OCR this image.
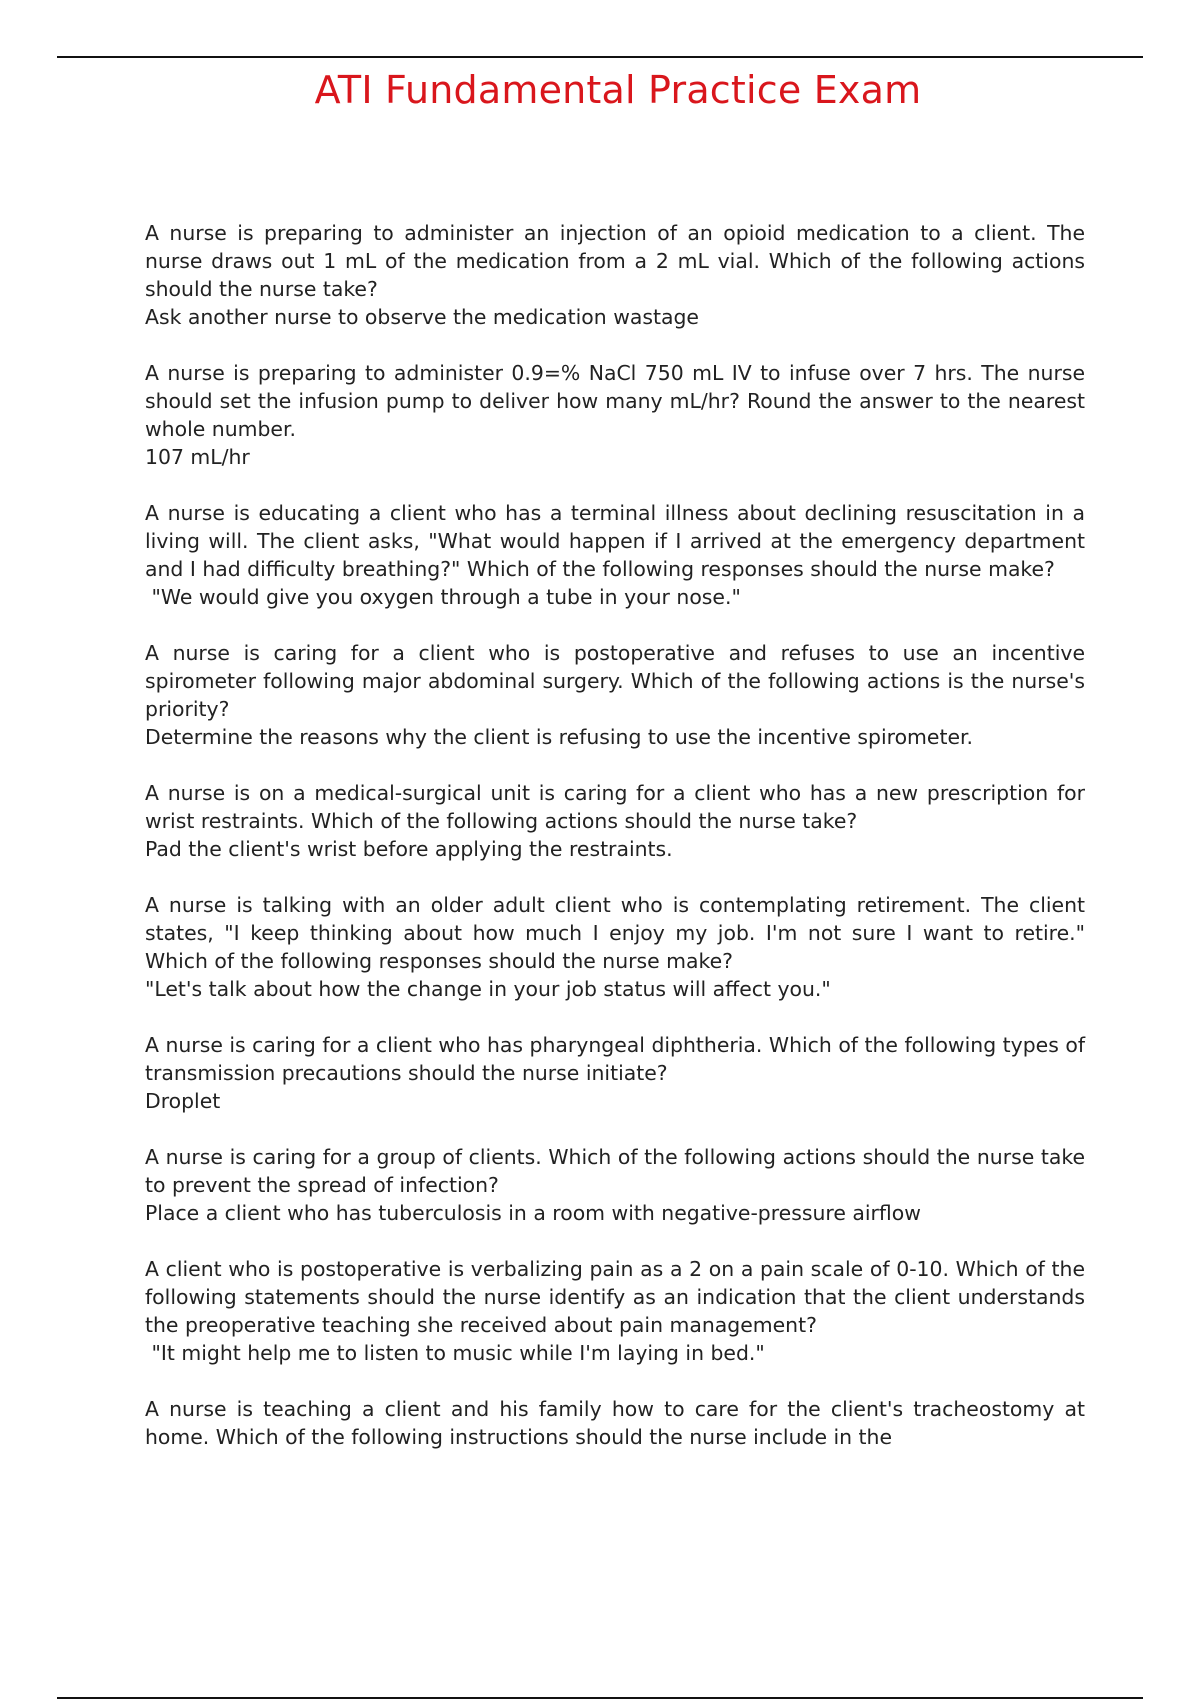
ATI Fundamental Practice Exam

A nurse is preparing to administer an injection of an opioid medication to a client. The nurse draws out 1 mL of the medication from a 2 mL vial. Which of the following actions should the nurse take?

Ask another nurse to observe the medication wastage

A nurse is preparing to administer 0.9=% NaCl 750 mL IV to infuse over 7 hrs. The nurse should set the infusion pump to deliver how many mL/hr? Round the answer to the nearest whole number.

107 mL/hr

A nurse is educating a client who has a terminal illness about declining resuscitation in a living will. The client asks, "What would happen if I arrived at the emergency department and I had difficulty breathing?" Which of the following responses should the nurse make?

"We would give you oxygen through a tube in your nose."

A nurse is caring for a client who is postoperative and refuses to use an incentive spirometer following major abdominal surgery. Which of the following actions is the nurse's priority?

Determine the reasons why the client is refusing to use the incentive spirometer.

A nurse is on a medical-surgical unit is caring for a client who has a new prescription for wrist restraints. Which of the following actions should the nurse take?

Pad the client's wrist before applying the restraints.

A nurse is talking with an older adult client who is contemplating retirement. The client states, "I keep thinking about how much I enjoy my job. I'm not sure I want to retire." Which of the following responses should the nurse make?

"Let's talk about how the change in your job status will affect you."

A nurse is caring for a client who has pharyngeal diphtheria. Which of the following types of transmission precautions should the nurse initiate?

Droplet

A nurse is caring for a group of clients. Which of the following actions should the nurse take to prevent the spread of infection?

Place a client who has tuberculosis in a room with negative-pressure airflow

A client who is postoperative is verbalizing pain as a 2 on a pain scale of 0-10. Which of the following statements should the nurse identify as an indication that the client understands the preoperative teaching she received about pain management?

"It might help me to listen to music while I'm laying in bed."

A nurse is teaching a client and his family how to care for the client's tracheostomy at home. Which of the following instructions should the nurse include in the
